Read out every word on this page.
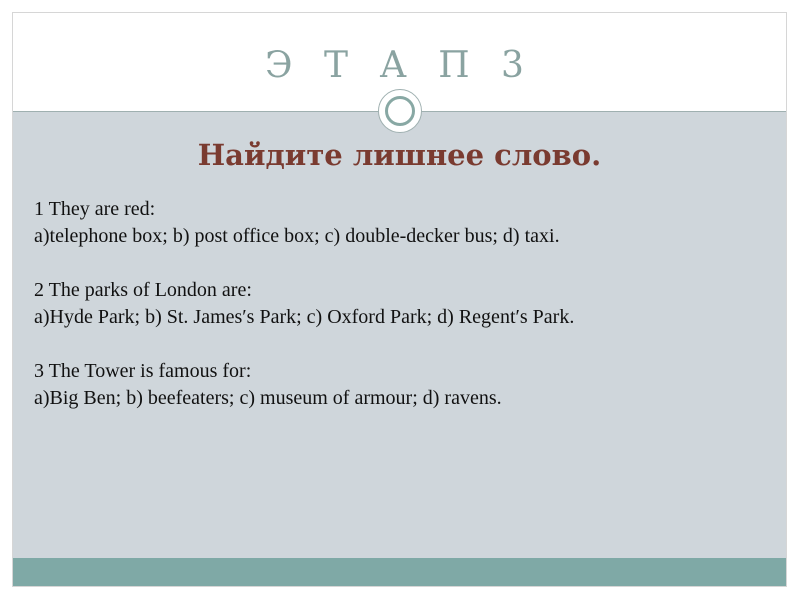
Э Т А П 3
Найдите лишнее слово.
1 They are red:
a)telephone box; b) post office box; c) double-decker bus; d) taxi.
2 The parks of London are:
a)Hyde Park; b) St. James′s Park; c) Oxford Park; d) Regent′s Park.
3 The Tower is famous for:
a)Big Ben; b) beefeaters; c) museum of armour; d) ravens.
